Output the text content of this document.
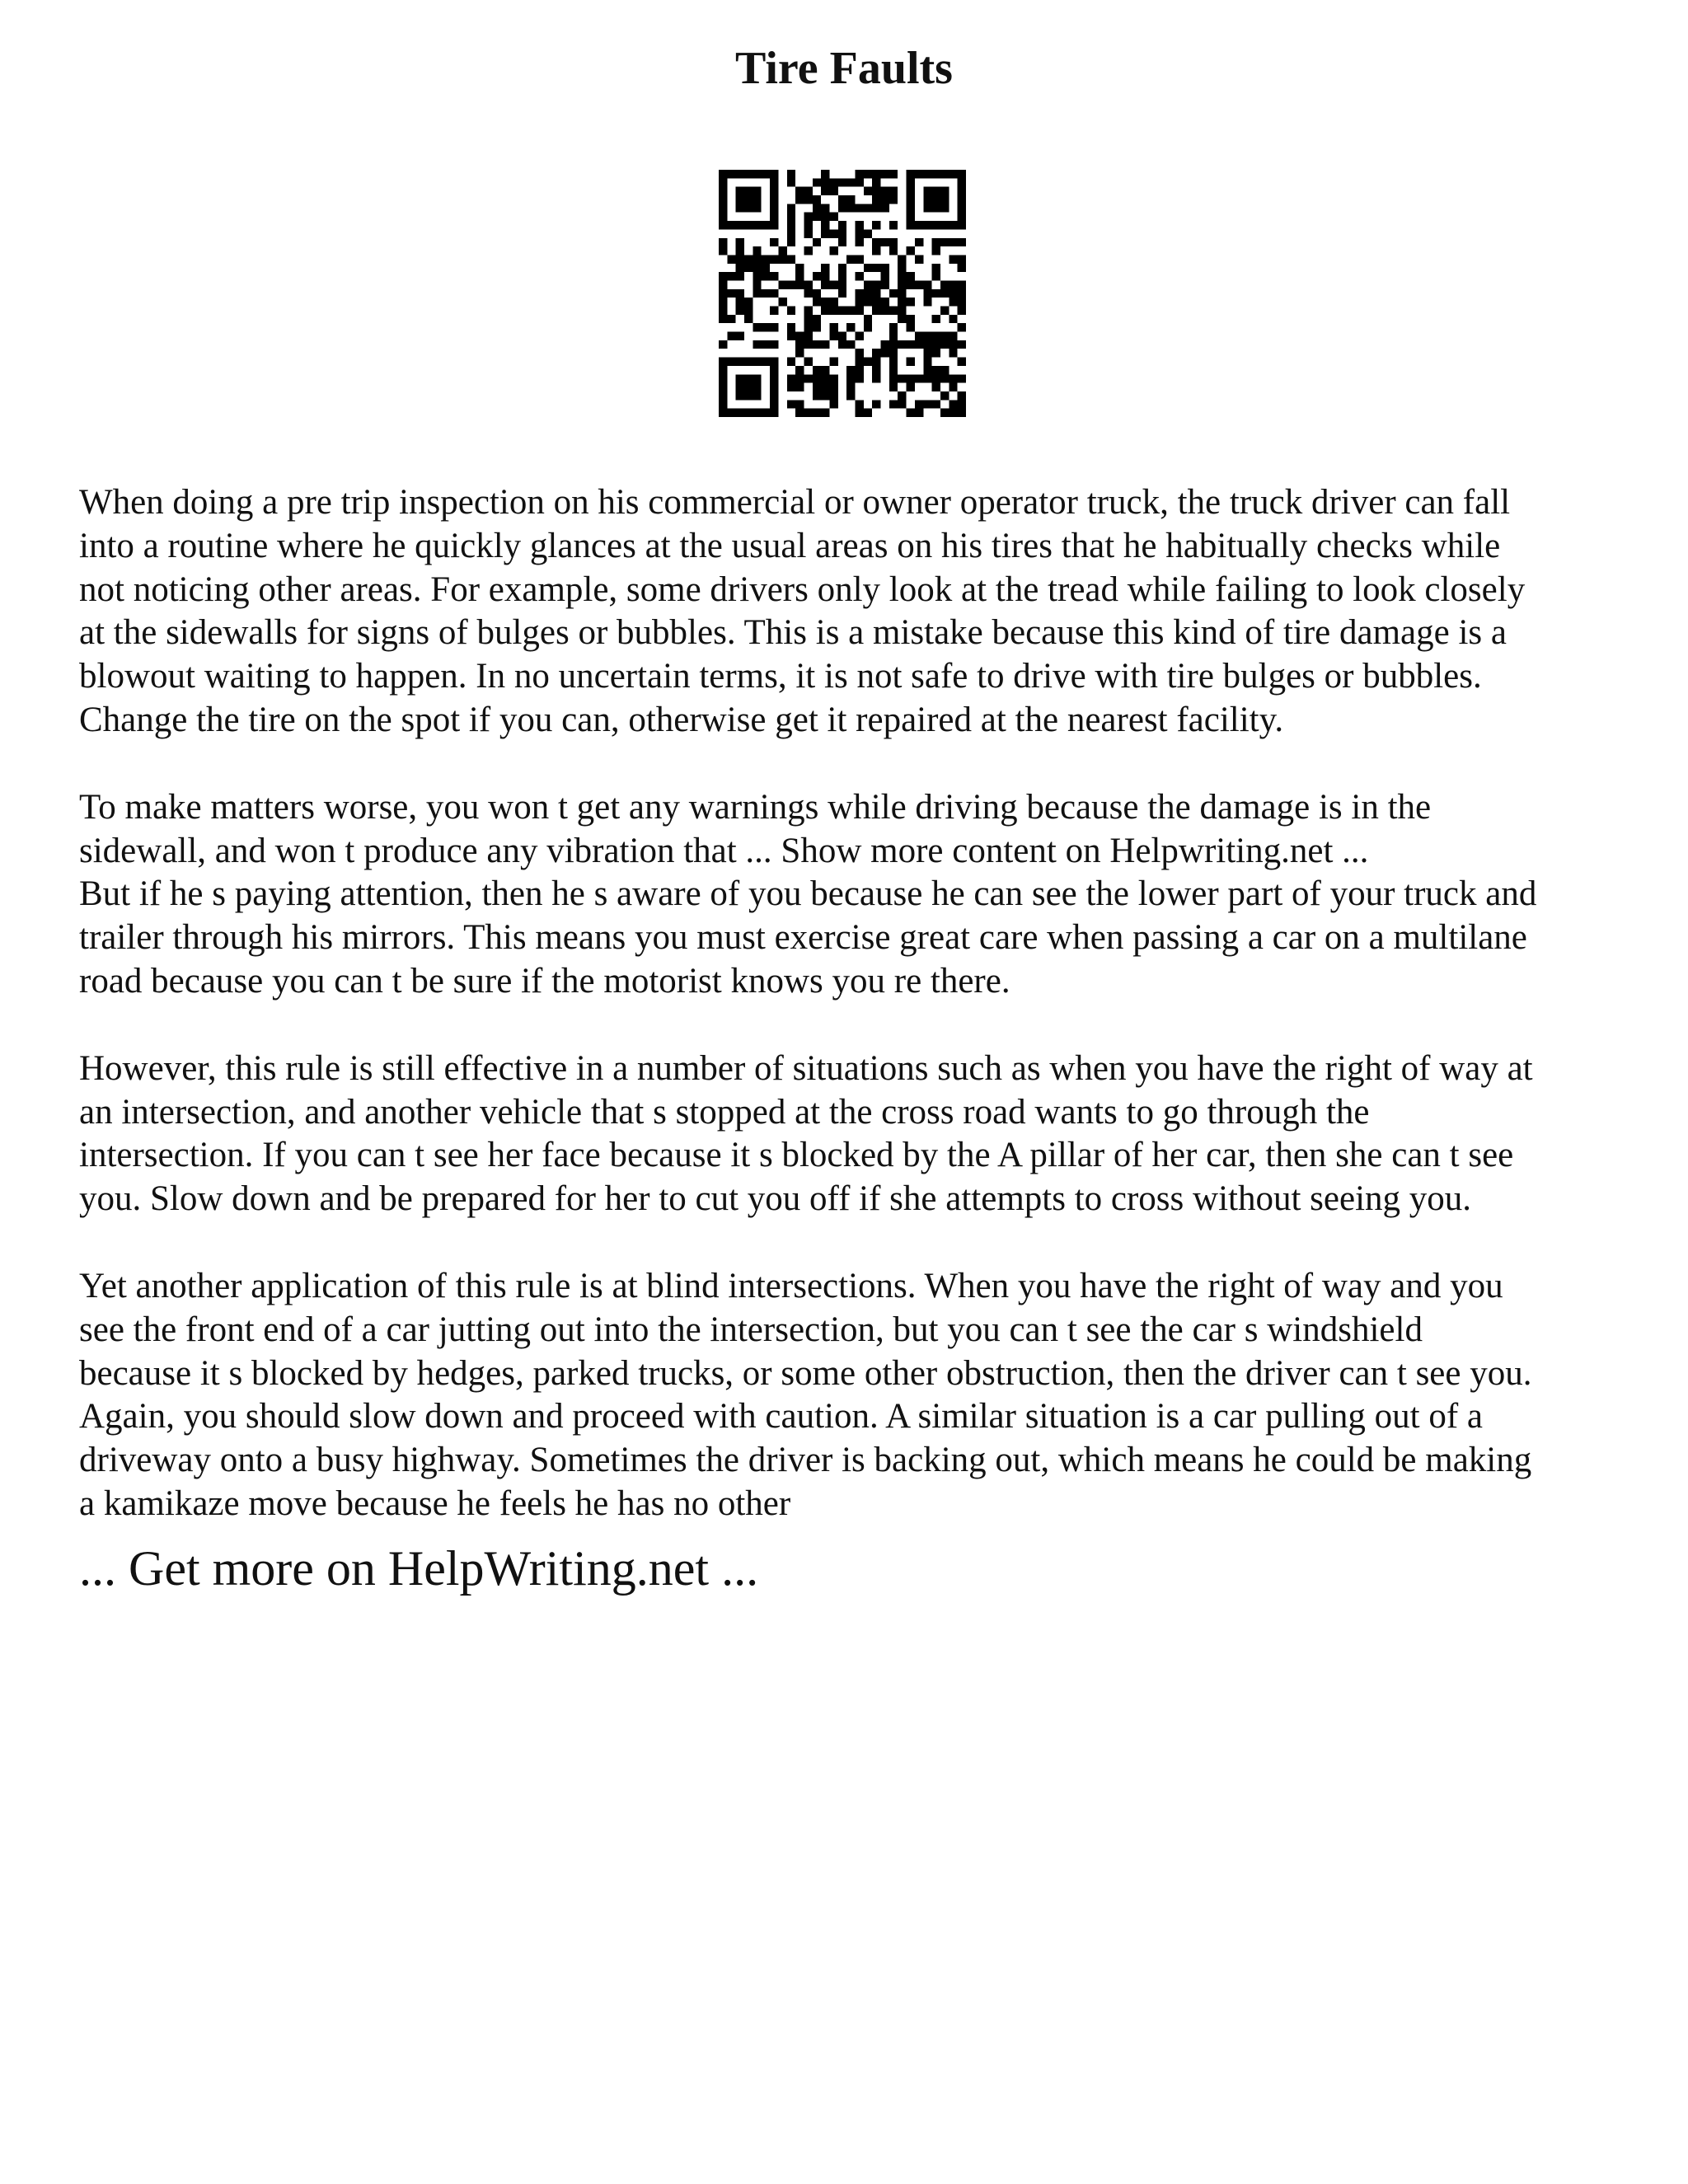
Tire Faults

When doing a pre trip inspection on his commercial or owner operator truck, the truck driver can fall
into a routine where he quickly glances at the usual areas on his tires that he habitually checks while
not noticing other areas. For example, some drivers only look at the tread while failing to look closely
at the sidewalls for signs of bulges or bubbles. This is a mistake because this kind of tire damage is a
blowout waiting to happen. In no uncertain terms, it is not safe to drive with tire bulges or bubbles.
Change the tire on the spot if you can, otherwise get it repaired at the nearest facility.

To make matters worse, you won t get any warnings while driving because the damage is in the
sidewall, and won t produce any vibration that ... Show more content on Helpwriting.net ...

But if he s paying attention, then he s aware of you because he can see the lower part of your truck and
trailer through his mirrors. This means you must exercise great care when passing a car on a multilane
road because you can t be sure if the motorist knows you re there.

However, this rule is still effective in a number of situations such as when you have the right of way at
an intersection, and another vehicle that s stopped at the cross road wants to go through the
intersection. If you can t see her face because it s blocked by the A pillar of her car, then she can t see
you. Slow down and be prepared for her to cut you off if she attempts to cross without seeing you.

Yet another application of this rule is at blind intersections. When you have the right of way and you
see the front end of a car jutting out into the intersection, but you can t see the car s windshield
because it s blocked by hedges, parked trucks, or some other obstruction, then the driver can t see you.
Again, you should slow down and proceed with caution. A similar situation is a car pulling out of a
driveway onto a busy highway. Sometimes the driver is backing out, which means he could be making
a kamikaze move because he feels he has no other

... Get more on HelpWriting.net ...
